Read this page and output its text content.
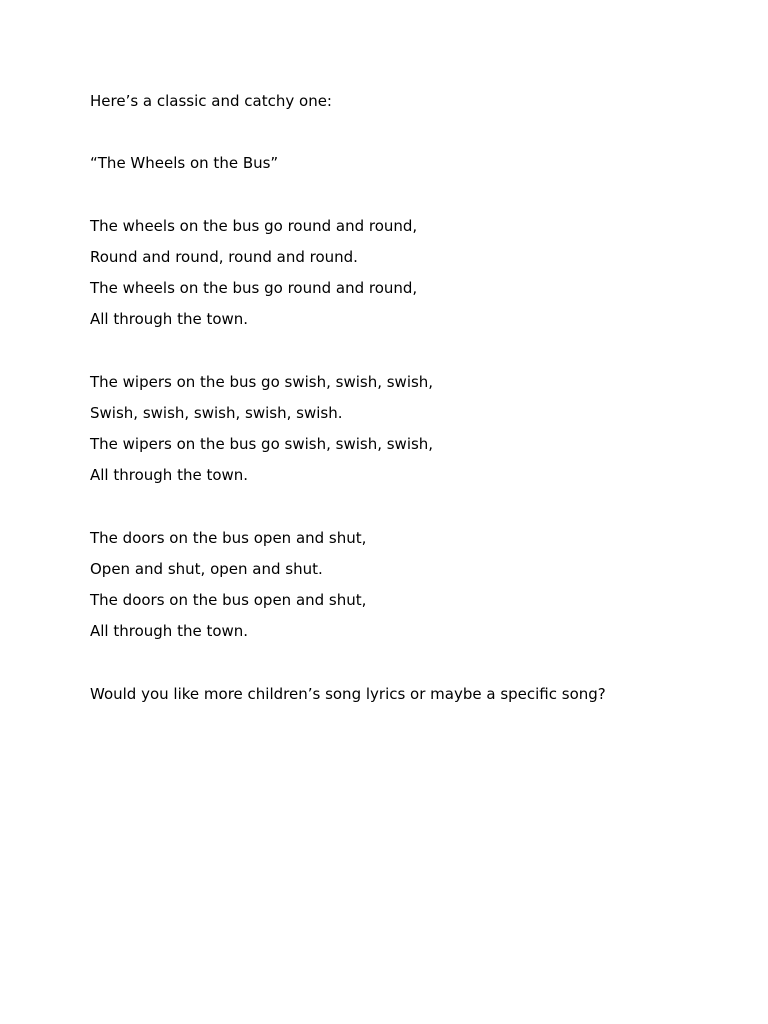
Here’s a classic and catchy one:
“The Wheels on the Bus”
The wheels on the bus go round and round,
Round and round, round and round.
The wheels on the bus go round and round,
All through the town.
The wipers on the bus go swish, swish, swish,
Swish, swish, swish, swish, swish.
The wipers on the bus go swish, swish, swish,
All through the town.
The doors on the bus open and shut,
Open and shut, open and shut.
The doors on the bus open and shut,
All through the town.
Would you like more children’s song lyrics or maybe a specific song?
